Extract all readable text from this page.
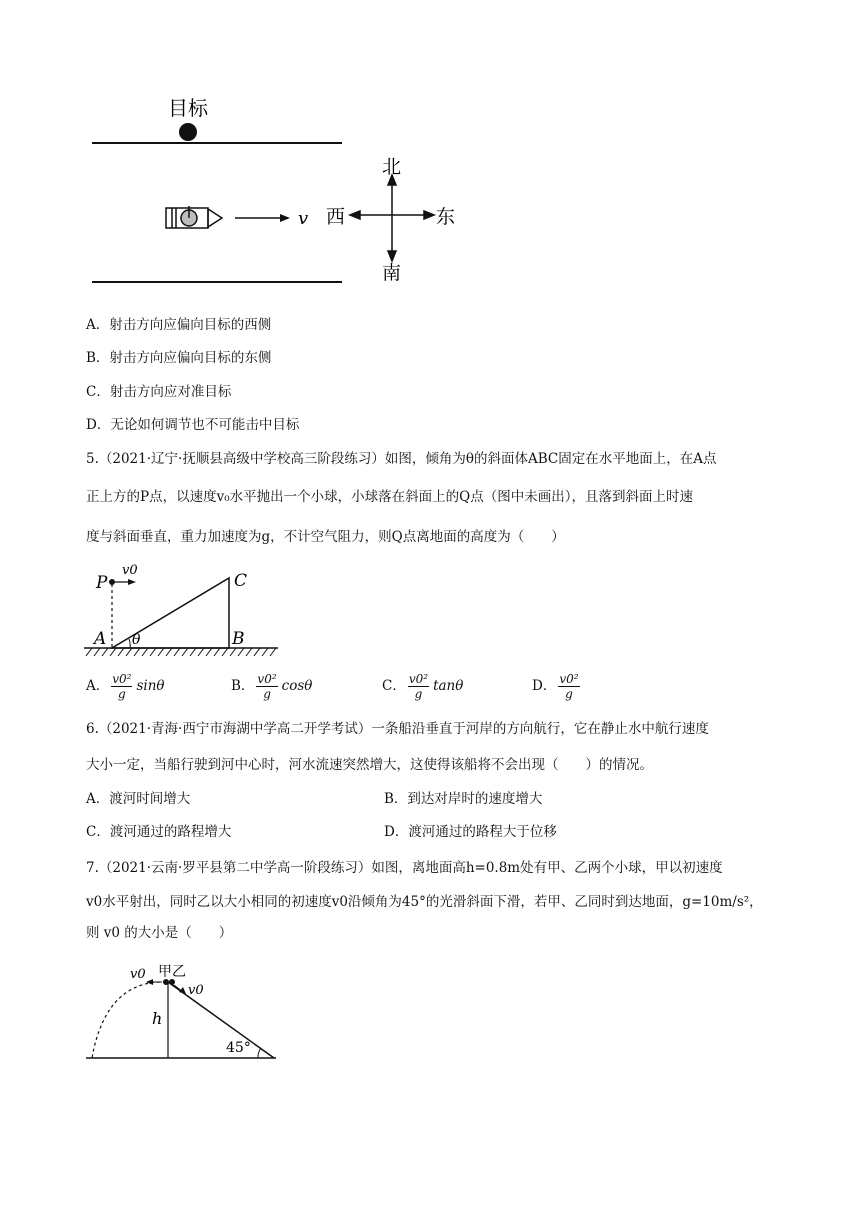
目标
v
北
南
西	东
A．射击方向应偏向目标的西侧
B．射击方向应偏向目标的东侧
C．射击方向应对准目标
D．无论如何调节也不可能击中目标
5.（2021·辽宁·抚顺县高级中学校高三阶段练习）如图，倾角为θ的斜面体ABC固定在水平地面上，在A点
正上方的P点，以速度v₀水平抛出一个小球，小球落在斜面上的Q点（图中未画出），且落到斜面上时速
度与斜面垂直，重力加速度为g，不计空气阻力，则Q点离地面的高度为（　　）
P
v0
A θ
C
B
A． $\frac{\text{v0²}}{g}$ sinθ	B． $\frac{\text{v0²}}{g}$ cosθ	C． $\frac{\text{v0²}}{g}$ tanθ	D． $\frac{\text{v0²}}{g}$
6.（2021·青海·西宁市海湖中学高二开学考试）一条船沿垂直于河岸的方向航行，它在静止水中航行速度
大小一定，当船行驶到河中心时，河水流速突然增大，这使得该船将不会出现（　　）的情况。
A．渡河时间增大	B．到达对岸时的速度增大
C．渡河通过的路程增大	D．渡河通过的路程大于位移
7.（2021·云南·罗平县第二中学高一阶段练习）如图，离地面高h=0.8m处有甲、乙两个小球，甲以初速度
v0水平射出，同时乙以大小相同的初速度v0沿倾角为45°的光滑斜面下滑，若甲、乙同时到达地面，g=10m/s²，
则 v0 的大小是（　　）
v0 甲乙
v0
h
45°
